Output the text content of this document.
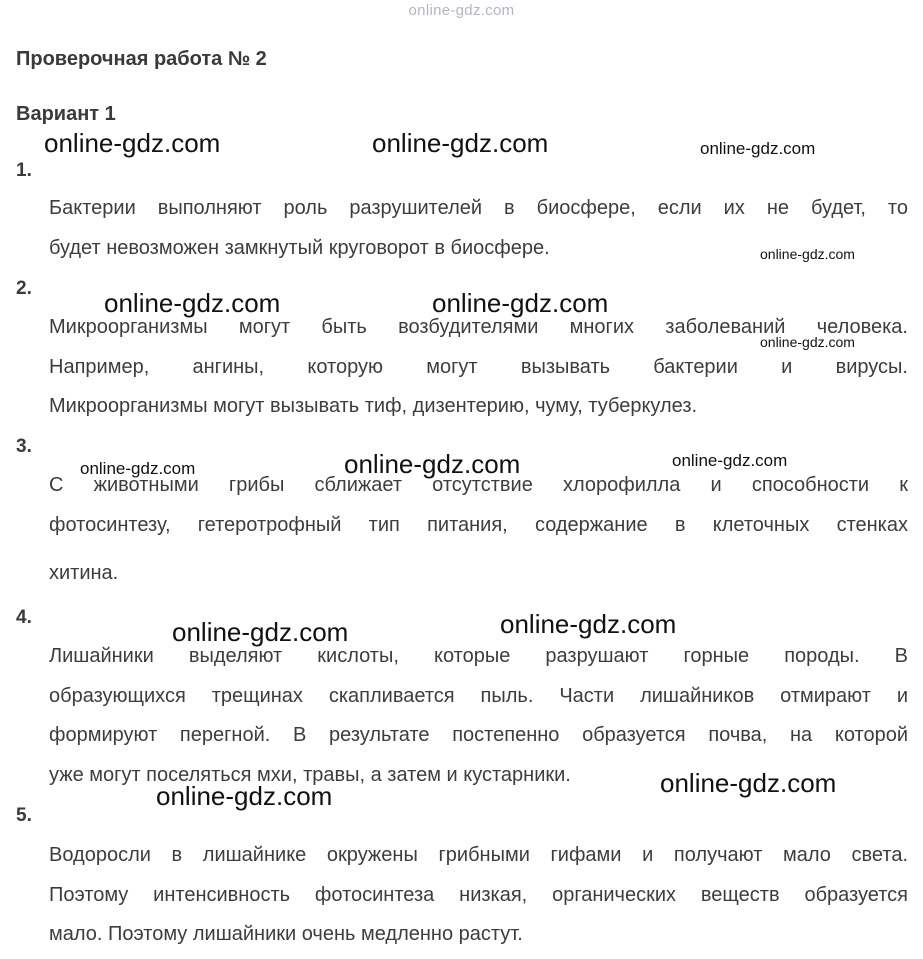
online-gdz.com
Проверочная работа № 2
Вариант 1
1.
Бактерии выполняют роль разрушителей в биосфере, если их не будет, то
будет невозможен замкнутый круговорот в биосфере.
2.
Микроорганизмы могут быть возбудителями многих заболеваний человека.
Например, ангины, которую могут вызывать бактерии и вирусы.
Микроорганизмы могут вызывать тиф, дизентерию, чуму, туберкулез.
3.
С животными грибы сближает отсутствие хлорофилла и способности к
фотосинтезу, гетеротрофный тип питания, содержание в клеточных стенках
хитина.
4.
Лишайники выделяют кислоты, которые разрушают горные породы. В
образующихся трещинах скапливается пыль. Части лишайников отмирают и
формируют перегной. В результате постепенно образуется почва, на которой
уже могут поселяться мхи, травы, а затем и кустарники.
5.
Водоросли в лишайнике окружены грибными гифами и получают мало света.
Поэтому интенсивность фотосинтеза низкая, органических веществ образуется
мало. Поэтому лишайники очень медленно растут.
online-gdz.com	online-gdz.com	online-gdz.com
online-gdz.com
online-gdz.com	online-gdz.com
online-gdz.com
online-gdz.com	online-gdz.com	online-gdz.com
online-gdz.com	online-gdz.com
online-gdz.com
online-gdz.com
